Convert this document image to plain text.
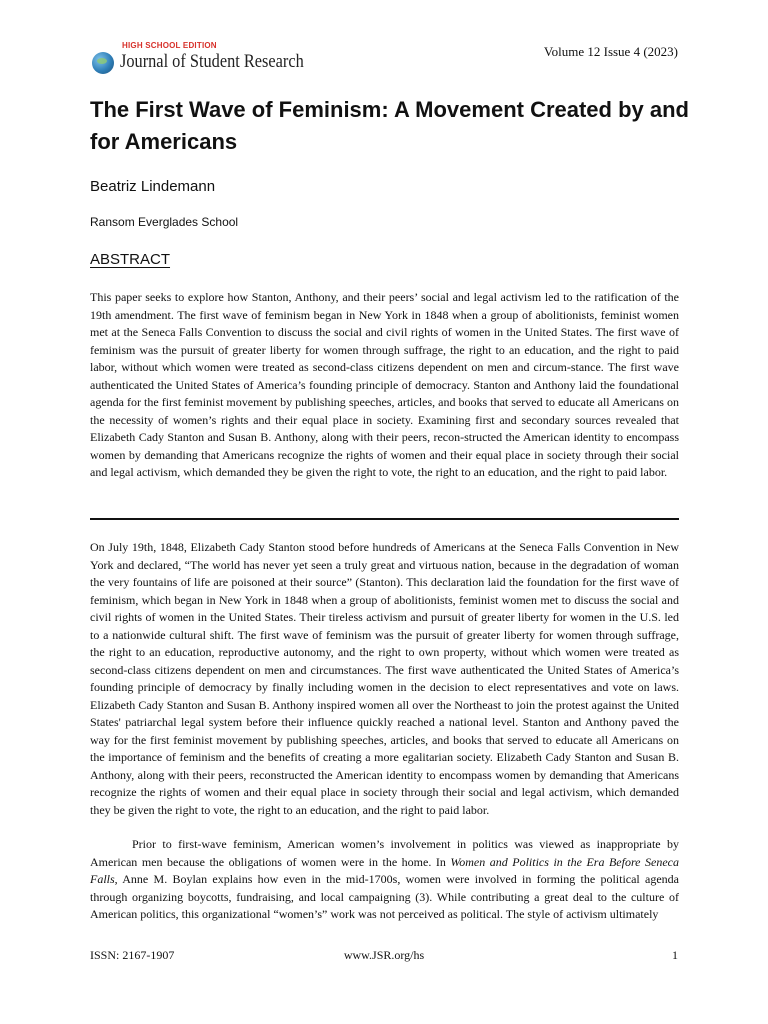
HIGH SCHOOL EDITION
Journal of Student Research	Volume 12 Issue 4 (2023)
The First Wave of Feminism: A Movement Created by and for Americans
Beatriz Lindemann
Ransom Everglades School
ABSTRACT

This paper seeks to explore how Stanton, Anthony, and their peers’ social and legal activism led to the ratification of the 19th amendment. The first wave of feminism began in New York in 1848 when a group of abolitionists, feminist women met at the Seneca Falls Convention to discuss the social and civil rights of women in the United States. The first wave of feminism was the pursuit of greater liberty for women through suffrage, the right to an education, and the right to paid labor, without which women were treated as second-class citizens dependent on men and circum-stance. The first wave authenticated the United States of America’s founding principle of democracy. Stanton and Anthony laid the foundational agenda for the first feminist movement by publishing speeches, articles, and books that served to educate all Americans on the necessity of women’s rights and their equal place in society. Examining first and secondary sources revealed that Elizabeth Cady Stanton and Susan B. Anthony, along with their peers, recon-structed the American identity to encompass women by demanding that Americans recognize the rights of women and their equal place in society through their social and legal activism, which demanded they be given the right to vote, the right to an education, and the right to paid labor.

On July 19th, 1848, Elizabeth Cady Stanton stood before hundreds of Americans at the Seneca Falls Convention in New York and declared, “The world has never yet seen a truly great and virtuous nation, because in the degradation of woman the very fountains of life are poisoned at their source” (Stanton). This declaration laid the foundation for the first wave of feminism, which began in New York in 1848 when a group of abolitionists, feminist women met to discuss the social and civil rights of women in the United States. Their tireless activism and pursuit of greater liberty for women in the U.S. led to a nationwide cultural shift. The first wave of feminism was the pursuit of greater liberty for women through suffrage, the right to an education, reproductive autonomy, and the right to own property, without which women were treated as second-class citizens dependent on men and circumstances. The first wave authenticated the United States of America’s founding principle of democracy by finally including women in the decision to elect representatives and vote on laws. Elizabeth Cady Stanton and Susan B. Anthony inspired women all over the Northeast to join the protest against the United States' patriarchal legal system before their influence quickly reached a national level. Stanton and Anthony paved the way for the first feminist movement by publishing speeches, articles, and books that served to educate all Americans on the importance of feminism and the benefits of creating a more egalitarian society. Elizabeth Cady Stanton and Susan B. Anthony, along with their peers, reconstructed the American identity to encompass women by demanding that Americans recognize the rights of women and their equal place in society through their social and legal activism, which demanded they be given the right to vote, the right to an education, and the right to paid labor.

Prior to first-wave feminism, American women’s involvement in politics was viewed as inappropriate by American men because the obligations of women were in the home. In Women and Politics in the Era Before Seneca Falls, Anne M. Boylan explains how even in the mid-1700s, women were involved in forming the political agenda through organizing boycotts, fundraising, and local campaigning (3). While contributing a great deal to the culture of American politics, this organizational “women’s” work was not perceived as political. The style of activism ultimately

ISSN: 2167-1907	www.JSR.org/hs	1
